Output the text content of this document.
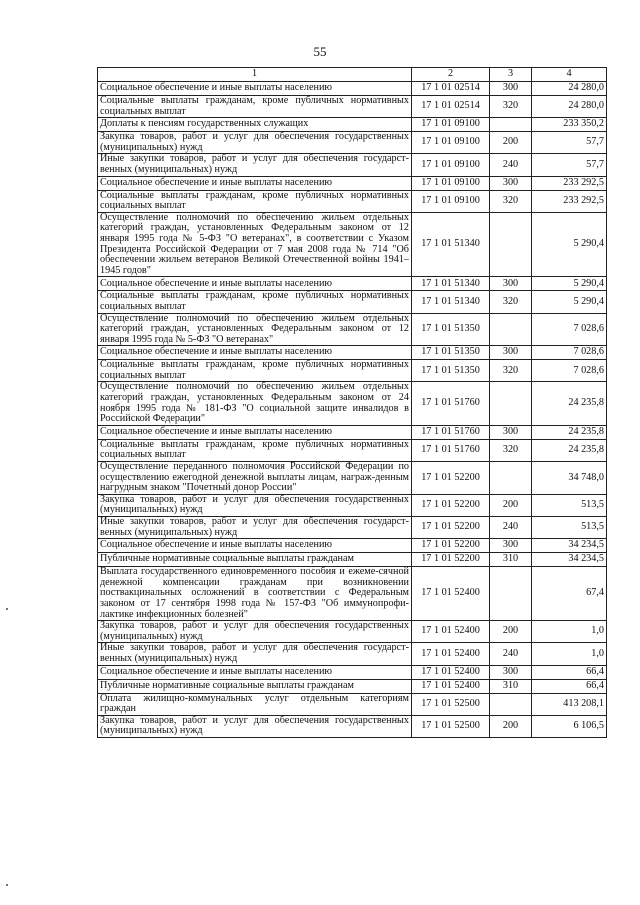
55
1	2	3	4
Социальное обеспечение и иные выплаты населению	17 1 01 02514	300	24 280,0
Социальные выплаты гражданам, кроме публичных нормативных социальных выплат	17 1 01 02514	320	24 280,0
Доплаты к пенсиям государственных служащих	17 1 01 09100		233 350,2
Закупка товаров, работ и услуг для обеспечения государственных (муниципальных) нужд	17 1 01 09100	200	57,7
Иные закупки товаров, работ и услуг для обеспечения государст-венных (муниципальных) нужд	17 1 01 09100	240	57,7
Социальное обеспечение и иные выплаты населению	17 1 01 09100	300	233 292,5
Социальные выплаты гражданам, кроме публичных нормативных социальных выплат	17 1 01 09100	320	233 292,5
Осуществление полномочий по обеспечению жильем отдельных категорий граждан, установленных Федеральным законом от 12 января 1995 года № 5-ФЗ "О ветеранах", в соответствии с Указом Президента Российской Федерации от 7 мая 2008 года № 714 "Об обеспечении жильем ветеранов Великой Отечественной войны 1941–1945 годов"	17 1 01 51340		5 290,4
Социальное обеспечение и иные выплаты населению	17 1 01 51340	300	5 290,4
Социальные выплаты гражданам, кроме публичных нормативных социальных выплат	17 1 01 51340	320	5 290,4
Осуществление полномочий по обеспечению жильем отдельных категорий граждан, установленных Федеральным законом от 12 января 1995 года № 5-ФЗ "О ветеранах"	17 1 01 51350		7 028,6
Социальное обеспечение и иные выплаты населению	17 1 01 51350	300	7 028,6
Социальные выплаты гражданам, кроме публичных нормативных социальных выплат	17 1 01 51350	320	7 028,6
Осуществление полномочий по обеспечению жильем отдельных категорий граждан, установленных Федеральным законом от 24 ноября 1995 года № 181-ФЗ "О социальной защите инвалидов в Российской Федерации"	17 1 01 51760		24 235,8
Социальное обеспечение и иные выплаты населению	17 1 01 51760	300	24 235,8
Социальные выплаты гражданам, кроме публичных нормативных социальных выплат	17 1 01 51760	320	24 235,8
Осуществление переданного полномочия Российской Федерации по осуществлению ежегодной денежной выплаты лицам, награж-денным нагрудным знаком "Почетный донор России"	17 1 01 52200		34 748,0
Закупка товаров, работ и услуг для обеспечения государственных (муниципальных) нужд	17 1 01 52200	200	513,5
Иные закупки товаров, работ и услуг для обеспечения государст-венных (муниципальных) нужд	17 1 01 52200	240	513,5
Социальное обеспечение и иные выплаты населению	17 1 01 52200	300	34 234,5
Публичные нормативные социальные выплаты гражданам	17 1 01 52200	310	34 234,5
Выплата государственного единовременного пособия и ежеме-сячной денежной компенсации гражданам при возникновении поствакцинальных осложнений в соответствии с Федеральным законом от 17 сентября 1998 года № 157-ФЗ "Об иммунопрофи-лактике инфекционных болезней"	17 1 01 52400		67,4
Закупка товаров, работ и услуг для обеспечения государственных (муниципальных) нужд	17 1 01 52400	200	1,0
Иные закупки товаров, работ и услуг для обеспечения государст-венных (муниципальных) нужд	17 1 01 52400	240	1,0
Социальное обеспечение и иные выплаты населению	17 1 01 52400	300	66,4
Публичные нормативные социальные выплаты гражданам	17 1 01 52400	310	66,4
Оплата жилищно-коммунальных услуг отдельным категориям граждан	17 1 01 52500		413 208,1
Закупка товаров, работ и услуг для обеспечения государственных (муниципальных) нужд	17 1 01 52500	200	6 106,5
